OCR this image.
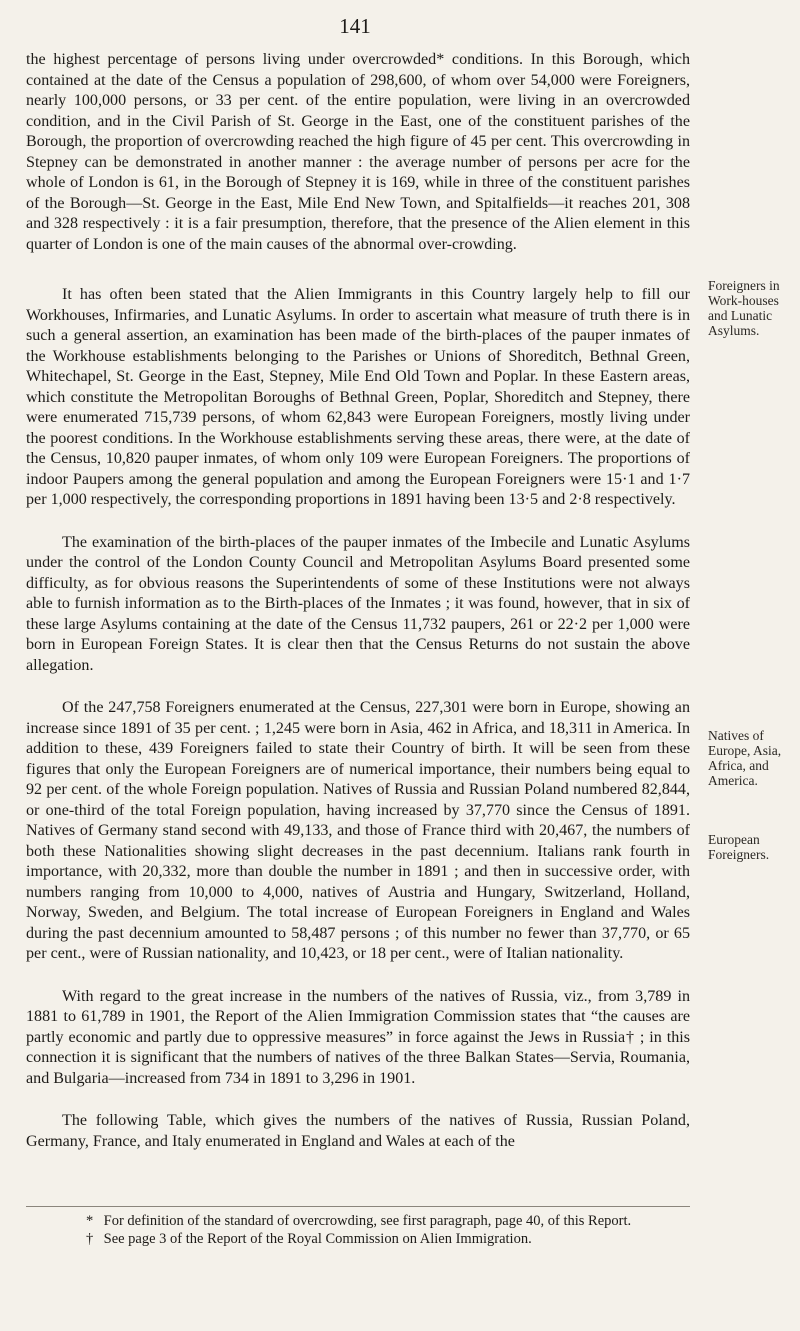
141

the highest percentage of persons living under overcrowded* conditions. In this Borough, which contained at the date of the Census a population of 298,600, of whom over 54,000 were Foreigners, nearly 100,000 persons, or 33 per cent. of the entire population, were living in an overcrowded condition, and in the Civil Parish of St. George in the East, one of the constituent parishes of the Borough, the proportion of overcrowding reached the high figure of 45 per cent. This overcrowding in Stepney can be demonstrated in another manner : the average number of persons per acre for the whole of London is 61, in the Borough of Stepney it is 169, while in three of the constituent parishes of the Borough—St. George in the East, Mile End New Town, and Spitalfields—it reaches 201, 308 and 328 respectively : it is a fair presumption, therefore, that the presence of the Alien element in this quarter of London is one of the main causes of the abnormal over-crowding.

It has often been stated that the Alien Immigrants in this Country largely help to fill our Workhouses, Infirmaries, and Lunatic Asylums. In order to ascertain what measure of truth there is in such a general assertion, an examination has been made of the birth-places of the pauper inmates of the Workhouse establishments belonging to the Parishes or Unions of Shoreditch, Bethnal Green, Whitechapel, St. George in the East, Stepney, Mile End Old Town and Poplar. In these Eastern areas, which constitute the Metropolitan Boroughs of Bethnal Green, Poplar, Shoreditch and Stepney, there were enumerated 715,739 persons, of whom 62,843 were European Foreigners, mostly living under the poorest conditions. In the Workhouse establishments serving these areas, there were, at the date of the Census, 10,820 pauper inmates, of whom only 109 were European Foreigners. The proportions of indoor Paupers among the general population and among the European Foreigners were 15·1 and 1·7 per 1,000 respectively, the corresponding proportions in 1891 having been 13·5 and 2·8 respectively.

The examination of the birth-places of the pauper inmates of the Imbecile and Lunatic Asylums under the control of the London County Council and Metropolitan Asylums Board presented some difficulty, as for obvious reasons the Superintendents of some of these Institutions were not always able to furnish information as to the Birth-places of the Inmates ; it was found, however, that in six of these large Asylums containing at the date of the Census 11,732 paupers, 261 or 22·2 per 1,000 were born in European Foreign States. It is clear then that the Census Returns do not sustain the above allegation.

Of the 247,758 Foreigners enumerated at the Census, 227,301 were born in Europe, showing an increase since 1891 of 35 per cent. ; 1,245 were born in Asia, 462 in Africa, and 18,311 in America. In addition to these, 439 Foreigners failed to state their Country of birth. It will be seen from these figures that only the European Foreigners are of numerical importance, their numbers being equal to 92 per cent. of the whole Foreign population. Natives of Russia and Russian Poland numbered 82,844, or one-third of the total Foreign population, having increased by 37,770 since the Census of 1891. Natives of Germany stand second with 49,133, and those of France third with 20,467, the numbers of both these Nationalities showing slight decreases in the past decennium. Italians rank fourth in importance, with 20,332, more than double the number in 1891 ; and then in successive order, with numbers ranging from 10,000 to 4,000, natives of Austria and Hungary, Switzerland, Holland, Norway, Sweden, and Belgium. The total increase of European Foreigners in England and Wales during the past decennium amounted to 58,487 persons ; of this number no fewer than 37,770, or 65 per cent., were of Russian nationality, and 10,423, or 18 per cent., were of Italian nationality.

With regard to the great increase in the numbers of the natives of Russia, viz., from 3,789 in 1881 to 61,789 in 1901, the Report of the Alien Immigration Commission states that “the causes are partly economic and partly due to oppressive measures” in force against the Jews in Russia† ; in this connection it is significant that the numbers of natives of the three Balkan States—Servia, Roumania, and Bulgaria—increased from 734 in 1891 to 3,296 in 1901.

The following Table, which gives the numbers of the natives of Russia, Russian Poland, Germany, France, and Italy enumerated in England and Wales at each of the

Foreigners in Work-houses and Lunatic Asylums.
Natives of Europe, Asia, Africa, and America.
European Foreigners.

* For definition of the standard of overcrowding, see first paragraph, page 40, of this Report.

† See page 3 of the Report of the Royal Commission on Alien Immigration.
